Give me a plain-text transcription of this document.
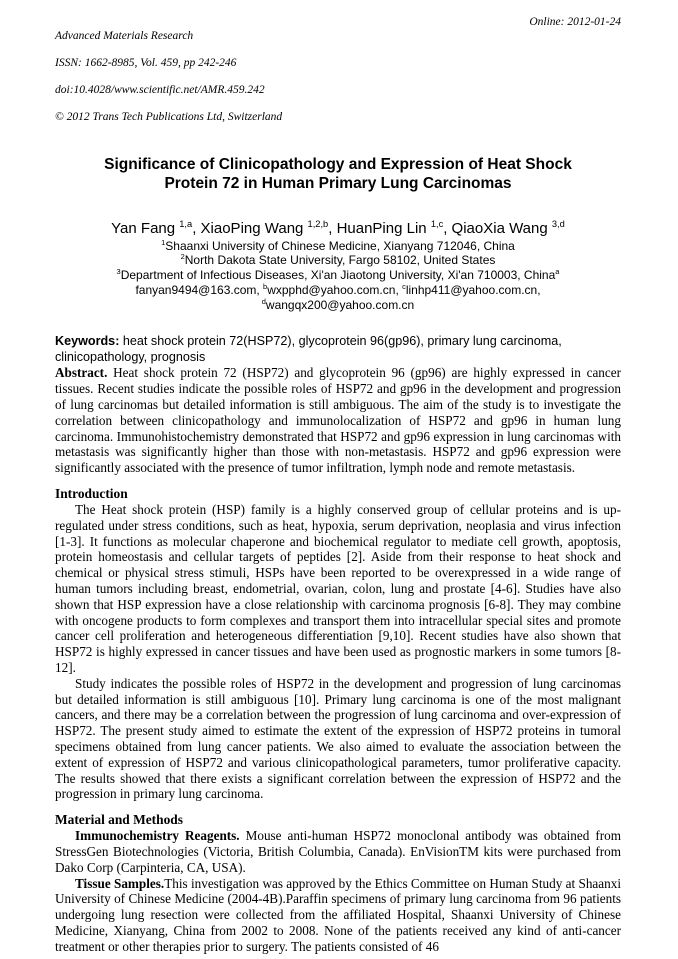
Advanced Materials Research

ISSN: 1662-8985, Vol. 459, pp 242-246

doi:10.4028/www.scientific.net/AMR.459.242

© 2012 Trans Tech Publications Ltd, Switzerland

Online: 2012-01-24
Significance of Clinicopathology and Expression of Heat Shock Protein 72 in Human Primary Lung Carcinomas
Yan Fang $^{1,a}$, XiaoPing Wang $^{1,2,b}$, HuanPing Lin $^{1,c}$, QiaoXia Wang $^{3,d}$
$^1$Shaanxi University of Chinese Medicine, Xianyang 712046, China
$^2$North Dakota State University, Fargo 58102, United States
$^3$Department of Infectious Diseases, Xi'an Jiaotong University, Xi'an 710003, China$^a$
fanyan9494@163.com, $^b$wxpphd@yahoo.com.cn, $^c$linhp411@yahoo.com.cn,
$^d$wangqx200@yahoo.com.cn
Keywords: heat shock protein 72(HSP72), glycoprotein 96(gp96), primary lung carcinoma, clinicopathology, prognosis

Abstract. Heat shock protein 72 (HSP72) and glycoprotein 96 (gp96) are highly expressed in cancer tissues. Recent studies indicate the possible roles of HSP72 and gp96 in the development and progression of lung carcinomas but detailed information is still ambiguous. The aim of the study is to investigate the correlation between clinicopathology and immunolocalization of HSP72 and gp96 in human lung carcinoma. Immunohistochemistry demonstrated that HSP72 and gp96 expression in lung carcinomas with metastasis was significantly higher than those with non-metastasis. HSP72 and gp96 expression were significantly associated with the presence of tumor infiltration, lymph node and remote metastasis.

Introduction

The Heat shock protein (HSP) family is a highly conserved group of cellular proteins and is up-regulated under stress conditions, such as heat, hypoxia, serum deprivation, neoplasia and virus infection [1-3]. It functions as molecular chaperone and biochemical regulator to mediate cell growth, apoptosis, protein homeostasis and cellular targets of peptides [2]. Aside from their response to heat shock and chemical or physical stress stimuli, HSPs have been reported to be overexpressed in a wide range of human tumors including breast, endometrial, ovarian, colon, lung and prostate [4-6]. Studies have also shown that HSP expression have a close relationship with carcinoma prognosis [6-8]. They may combine with oncogene products to form complexes and transport them into intracellular special sites and promote cancer cell proliferation and heterogeneous differentiation [9,10]. Recent studies have also shown that HSP72 is highly expressed in cancer tissues and have been used as prognostic markers in some tumors [8-12].

Study indicates the possible roles of HSP72 in the development and progression of lung carcinomas but detailed information is still ambiguous [10]. Primary lung carcinoma is one of the most malignant cancers, and there may be a correlation between the progression of lung carcinoma and over-expression of HSP72. The present study aimed to estimate the extent of the expression of HSP72 proteins in tumoral specimens obtained from lung cancer patients. We also aimed to evaluate the association between the extent of expression of HSP72 and various clinicopathological parameters, tumor proliferative capacity. The results showed that there exists a significant correlation between the expression of HSP72 and the progression in primary lung carcinoma.

Material and Methods

Immunochemistry Reagents. Mouse anti-human HSP72 monoclonal antibody was obtained from StressGen Biotechnologies (Victoria, British Columbia, Canada). EnVisionTM kits were purchased from Dako Corp (Carpinteria, CA, USA).

Tissue Samples.This investigation was approved by the Ethics Committee on Human Study at Shaanxi University of Chinese Medicine (2004-4B).Paraffin specimens of primary lung carcinoma from 96 patients undergoing lung resection were collected from the affiliated Hospital, Shaanxi University of Chinese Medicine, Xianyang, China from 2002 to 2008. None of the patients received any kind of anti-cancer treatment or other therapies prior to surgery. The patients consisted of 46
